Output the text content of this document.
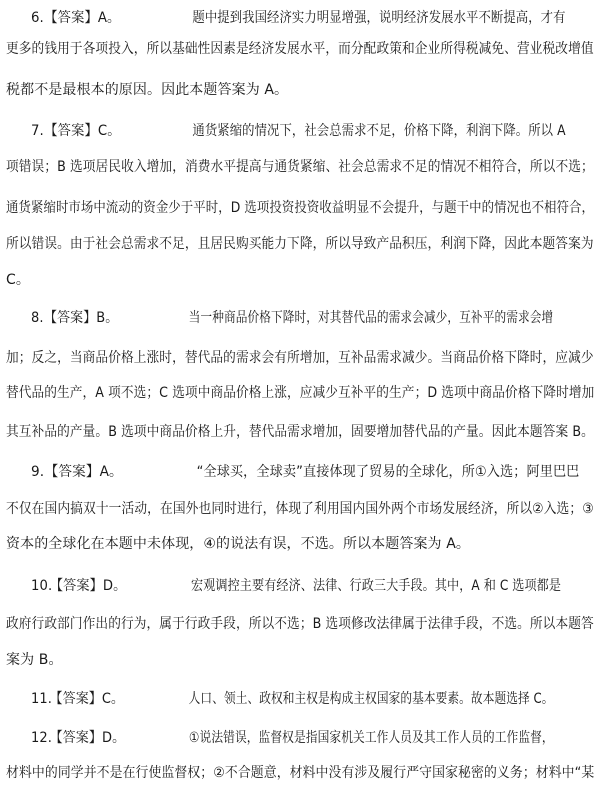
6. 【答案】A。	题中提到我国经济实力明显增强，说明经济发展水平不断提高，才有
更多的钱用于各项投入，所以基础性因素是经济发展水平，而分配政策和企业所得税减免、营业税改增值
税都不是最根本的原因。因此本题答案为 A。
7. 【答案】C。	通货紧缩的情况下，社会总需求不足，价格下降，利润下降。所以 A
项错误；B 选项居民收入增加，消费水平提高与通货紧缩、社会总需求不足的情况不相符合，所以不选；
通货紧缩时市场中流动的资金少于平时，D 选项投资投资收益明显不会提升，与题干中的情况也不相符合，
所以错误。由于社会总需求不足，且居民购买能力下降，所以导致产品积压，利润下降，因此本题答案为
C。
8. 【答案】B。	当一种商品价格下降时，对其替代品的需求会减少，互补平的需求会增
加；反之，当商品价格上涨时，替代品的需求会有所增加，互补品需求减少。当商品价格下降时，应减少
替代品的生产，A 项不选；C 选项中商品价格上涨，应减少互补平的生产；D 选项中商品价格下降时增加
其互补品的产量。B 选项中商品价格上升，替代品需求增加，固要增加替代品的产量。因此本题答案 B。
9. 【答案】A。	“全球买，全球卖”直接体现了贸易的全球化，所①入选；阿里巴巴
不仅在国内搞双十一活动，在国外也同时进行，体现了利用国内国外两个市场发展经济，所以②入选；③
资本的全球化在本题中未体现，④的说法有误，不选。所以本题答案为 A。
10.
【答案】D。	宏观调控主要有经济、法律、行政三大手段。其中，A 和 C 选项都是
政府行政部门作出的行为，属于行政手段，所以不选；B 选项修改法律属于法律手段，不选。所以本题答
案为 B。
11.
【答案】C。	人口、领土、政权和主权是构成主权国家的基本要素。故本题选择 C。
12.
【答案】D。	①说法错误，监督权是指国家机关工作人员及其工作人员的工作监督，
材料中的同学并不是在行使监督权；②不合题意，材料中没有涉及履行严守国家秘密的义务；材料中“某
